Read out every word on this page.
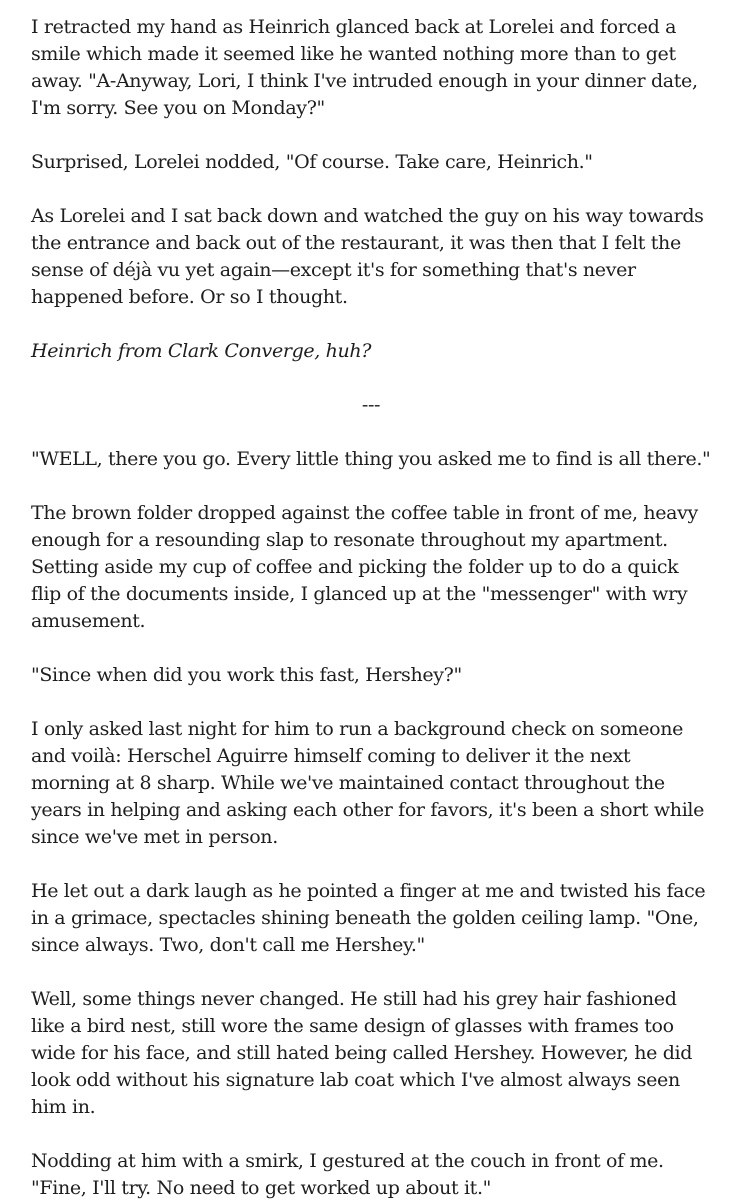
I retracted my hand as Heinrich glanced back at Lorelei and forced a smile which made it seemed like he wanted nothing more than to get away. "A-Anyway, Lori, I think I've intruded enough in your dinner date, I'm sorry. See you on Monday?"

Surprised, Lorelei nodded, "Of course. Take care, Heinrich."

As Lorelei and I sat back down and watched the guy on his way towards the entrance and back out of the restaurant, it was then that I felt the sense of déjà vu yet again—except it's for something that's never happened before. Or so I thought.

Heinrich from Clark Converge, huh?

---

"WELL, there you go. Every little thing you asked me to find is all there."

The brown folder dropped against the coffee table in front of me, heavy enough for a resounding slap to resonate throughout my apartment. Setting aside my cup of coffee and picking the folder up to do a quick flip of the documents inside, I glanced up at the "messenger" with wry amusement.

"Since when did you work this fast, Hershey?"

I only asked last night for him to run a background check on someone and voilà: Herschel Aguirre himself coming to deliver it the next morning at 8 sharp. While we've maintained contact throughout the years in helping and asking each other for favors, it's been a short while since we've met in person.

He let out a dark laugh as he pointed a finger at me and twisted his face in a grimace, spectacles shining beneath the golden ceiling lamp. "One, since always. Two, don't call me Hershey."

Well, some things never changed. He still had his grey hair fashioned like a bird nest, still wore the same design of glasses with frames too wide for his face, and still hated being called Hershey. However, he did look odd without his signature lab coat which I've almost always seen him in.

Nodding at him with a smirk, I gestured at the couch in front of me. "Fine, I'll try. No need to get worked up about it."
